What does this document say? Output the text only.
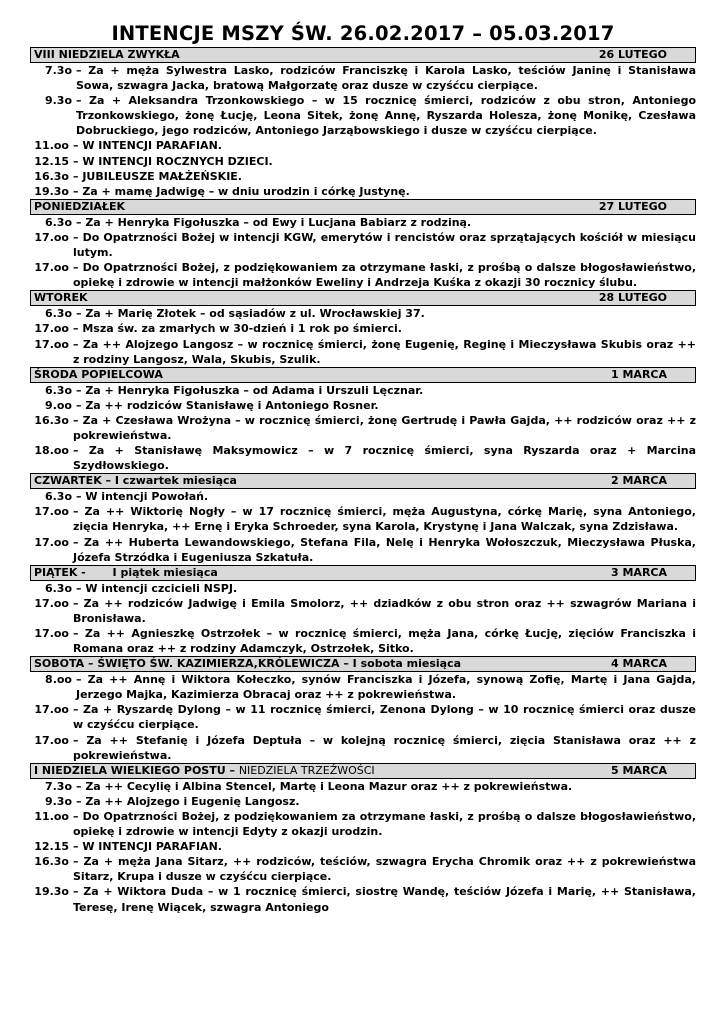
INTENCJE MSZY ŚW. 26.02.2017 – 05.03.2017
VIII NIEDZIELA ZWYKŁA	26 LUTEGO
7.3o – Za + męża Sylwestra Lasko, rodziców Franciszkę i Karola Lasko, teściów Janinę i Stanisława Sowa, szwagra Jacka, bratową Małgorzatę oraz dusze w czyśćcu cierpiące.
9.3o – Za + Aleksandra Trzonkowskiego – w 15 rocznicę śmierci, rodziców z obu stron, Antoniego Trzonkowskiego, żonę Łucję, Leona Sitek, żonę Annę, Ryszarda Holesza, żonę Monikę, Czesława Dobruckiego, jego rodziców, Antoniego Jarząbowskiego i dusze w czyśćcu cierpiące.
11.oo – W INTENCJI PARAFIAN.
12.15 – W INTENCJI ROCZNYCH DZIECI.
16.3o – JUBILEUSZE MAŁŻEŃSKIE.
19.3o – Za + mamę Jadwigę – w dniu urodzin i córkę Justynę.
PONIEDZIAŁEK	27 LUTEGO
6.3o – Za + Henryka Figołuszka – od Ewy i Lucjana Babiarz z rodziną.
17.oo – Do Opatrzności Bożej w intencji KGW, emerytów i rencistów oraz sprzątających kościół w miesiącu lutym.
17.oo – Do Opatrzności Bożej, z podziękowaniem za otrzymane łaski, z prośbą o dalsze błogosławieństwo, opiekę i zdrowie w intencji małżonków Eweliny i Andrzeja Kuśka z okazji 30 rocznicy ślubu.
WTOREK	28 LUTEGO
6.3o – Za + Marię Złotek – od sąsiadów z ul. Wrocławskiej 37.
17.oo – Msza św. za zmarłych w 30-dzień i 1 rok po śmierci.
17.oo – Za ++ Alojzego Langosz – w rocznicę śmierci, żonę Eugenię, Reginę i Mieczysława Skubis oraz ++ z rodziny Langosz, Wala, Skubis, Szulik.
ŚRODA POPIELCOWA	1 MARCA
6.3o – Za + Henryka Figołuszka – od Adama i Urszuli Lęcznar.
9.oo – Za ++ rodziców Stanisławę i Antoniego Rosner.
16.3o – Za + Czesława Wrożyna – w rocznicę śmierci, żonę Gertrudę i Pawła Gajda, ++ rodziców oraz ++ z pokrewieństwa.
18.oo – Za + Stanisławę Maksymowicz – w 7 rocznicę śmierci, syna Ryszarda oraz + Marcina Szydłowskiego.
CZWARTEK – I czwartek miesiąca	2 MARCA
6.3o – W intencji Powołań.
17.oo – Za ++ Wiktorię Nogły – w 17 rocznicę śmierci, męża Augustyna, córkę Marię, syna Antoniego, zięcia Henryka, ++ Ernę i Eryka Schroeder, syna Karola, Krystynę i Jana Walczak, syna Zdzisława.
17.oo – Za ++ Huberta Lewandowskiego, Stefana Fila, Nelę i Henryka Wołoszczuk, Mieczysława Płuska, Józefa Strzódka i Eugeniusza Szkatuła.
PIĄTEK -       I piątek miesiąca	3 MARCA
6.3o – W intencji czcicieli NSPJ.
17.oo – Za ++ rodziców Jadwigę i Emila Smolorz, ++ dziadków z obu stron oraz ++ szwagrów Mariana i Bronisława.
17.oo – Za ++ Agnieszkę Ostrzołek – w rocznicę śmierci, męża Jana, córkę Łucję, zięciów Franciszka i Romana oraz ++ z rodziny Adamczyk, Ostrzołek, Sitko.
SOBOTA – ŚWIĘTO ŚW. KAZIMIERZA,KRÓLEWICZA – I sobota miesiąca	4 MARCA
8.oo – Za ++ Annę i Wiktora Kołeczko, synów Franciszka i Józefa, synową Zofię, Martę i Jana Gajda, Jerzego Majka, Kazimierza Obracaj oraz ++ z pokrewieństwa.
17.oo – Za + Ryszardę Dylong – w 11 rocznicę śmierci, Zenona Dylong – w 10 rocznicę śmierci oraz dusze w czyśćcu cierpiące.
17.oo – Za ++ Stefanię i Józefa Deptuła – w kolejną rocznicę śmierci, zięcia Stanisława oraz ++ z pokrewieństwa.
I NIEDZIELA WIELKIEGO POSTU – NIEDZIELA TRZEŹWOŚCI	5 MARCA
7.3o – Za ++ Cecylię i Albina Stencel, Martę i Leona Mazur oraz ++ z pokrewieństwa.
9.3o – Za ++ Alojzego i Eugenię Langosz.
11.oo – Do Opatrzności Bożej, z podziękowaniem za otrzymane łaski, z prośbą o dalsze błogosławieństwo, opiekę i zdrowie w intencji Edyty z okazji urodzin.
12.15 – W INTENCJI PARAFIAN.
16.3o – Za + męża Jana Sitarz, ++ rodziców, teściów, szwagra Erycha Chromik oraz ++ z pokrewieństwa Sitarz, Krupa i dusze w czyśćcu cierpiące.
19.3o – Za + Wiktora Duda – w 1 rocznicę śmierci, siostrę Wandę, teściów Józefa i Marię, ++ Stanisława, Teresę, Irenę Wiącek, szwagra Antoniego
